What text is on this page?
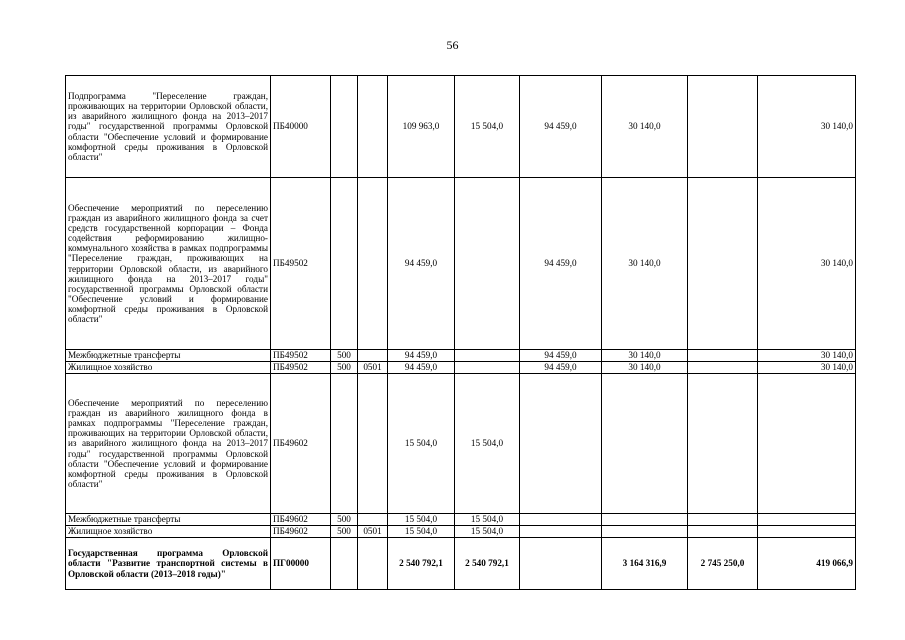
56
Подпрограмма "Переселение граждан, проживающих на территории Орловской области, из аварийного жилищного фонда на 2013–2017 годы" государственной программы Орловской области "Обеспечение условий и формирование комфортной среды проживания в Орловской области"	ПБ40000			109 963,0	15 504,0	94 459,0	30 140,0		30 140,0
Обеспечение мероприятий по переселению граждан из аварийного жилищного фонда за счет средств государственной корпорации – Фонда содействия реформированию жилищно-коммунального хозяйства в рамках подпрограммы "Переселение граждан, проживающих на территории Орловской области, из аварийного жилищного фонда на 2013–2017 годы" государственной программы Орловской области "Обеспечение условий и формирование комфортной среды проживания в Орловской области"	ПБ49502			94 459,0		94 459,0	30 140,0		30 140,0
Межбюджетные трансферты	ПБ49502	500		94 459,0		94 459,0	30 140,0		30 140,0
Жилищное хозяйство	ПБ49502	500	0501	94 459,0		94 459,0	30 140,0		30 140,0
Обеспечение мероприятий по переселению граждан из аварийного жилищного фонда в рамках подпрограммы "Переселение граждан, проживающих на территории Орловской области, из аварийного жилищного фонда на 2013–2017 годы" государственной программы Орловской области "Обеспечение условий и формирование комфортной среды проживания в Орловской области"	ПБ49602			15 504,0	15 504,0				
Межбюджетные трансферты	ПБ49602	500		15 504,0	15 504,0				
Жилищное хозяйство	ПБ49602	500	0501	15 504,0	15 504,0				
Государственная программа Орловской области "Развитие транспортной системы в Орловской области (2013–2018 годы)"	ПГ00000			2 540 792,1	2 540 792,1		3 164 316,9	2 745 250,0	419 066,9
